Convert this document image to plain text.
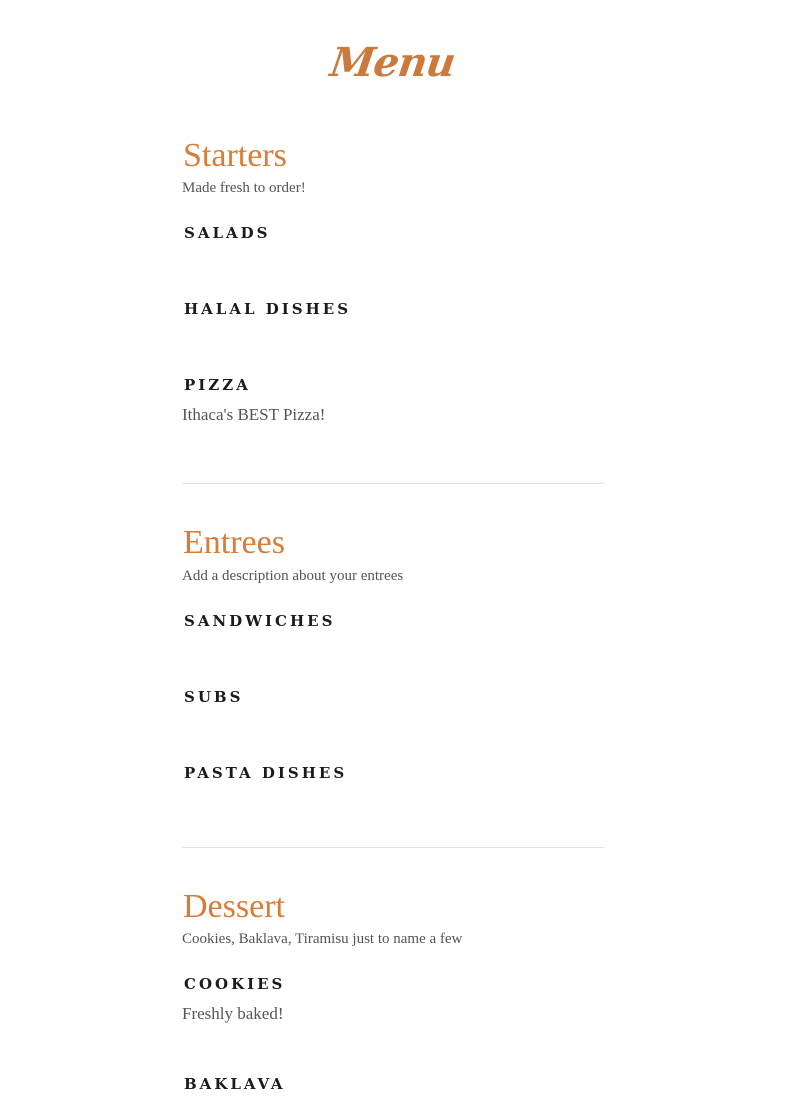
Menu
Starters
Made fresh to order!
SALADS
HALAL DISHES
PIZZA
Ithaca's BEST Pizza!
Entrees
Add a description about your entrees
SANDWICHES
SUBS
PASTA DISHES
Dessert
Cookies, Baklava, Tiramisu just to name a few
COOKIES
Freshly baked!
BAKLAVA
